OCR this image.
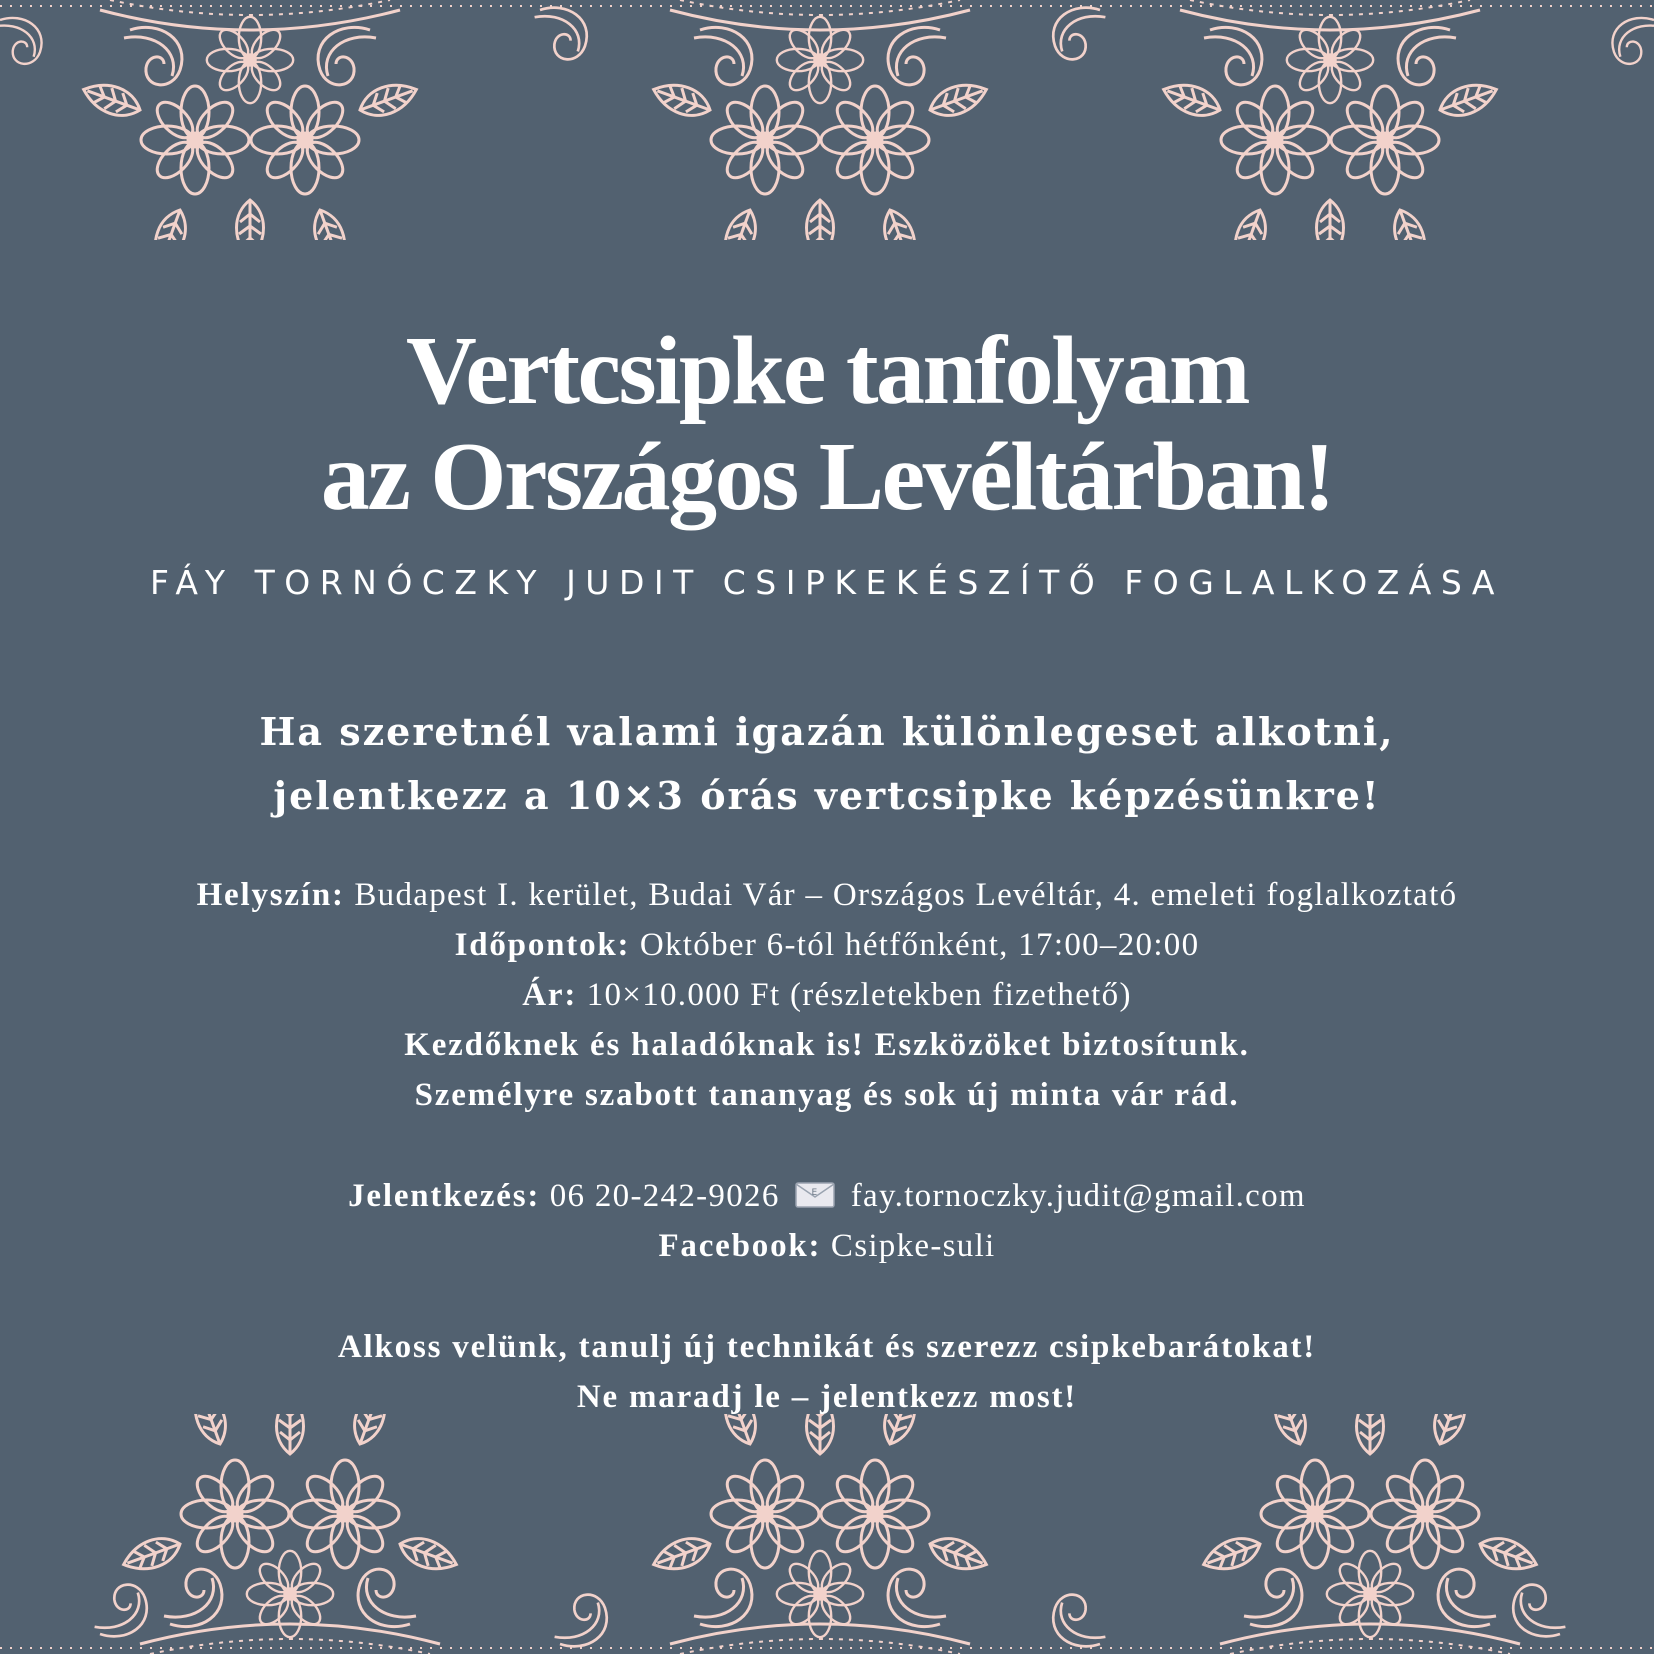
Vertcsipke tanfolyam
az Országos Levéltárban!
FÁY TORNÓCZKY JUDIT CSIPKEKÉSZÍTŐ FOGLALKOZÁSA
Ha szeretnél valami igazán különlegeset alkotni,
jelentkezz a 10×3 órás vertcsipke képzésünkre!
Helyszín: Budapest I. kerület, Budai Vár – Országos Levéltár, 4. emeleti foglalkoztató
Időpontok: Október 6-tól hétfőnként, 17:00–20:00
Ár: 10×10.000 Ft (részletekben fizethető)
Kezdőknek és haladóknak is! Eszközöket biztosítunk.
Személyre szabott tananyag és sok új minta vár rád.
Jelentkezés: 06 20-242-9026	E fay.tornoczky.judit@gmail.com
Facebook: Csipke-suli
Alkoss velünk, tanulj új technikát és szerezz csipkebarátokat!
Ne maradj le – jelentkezz most!
